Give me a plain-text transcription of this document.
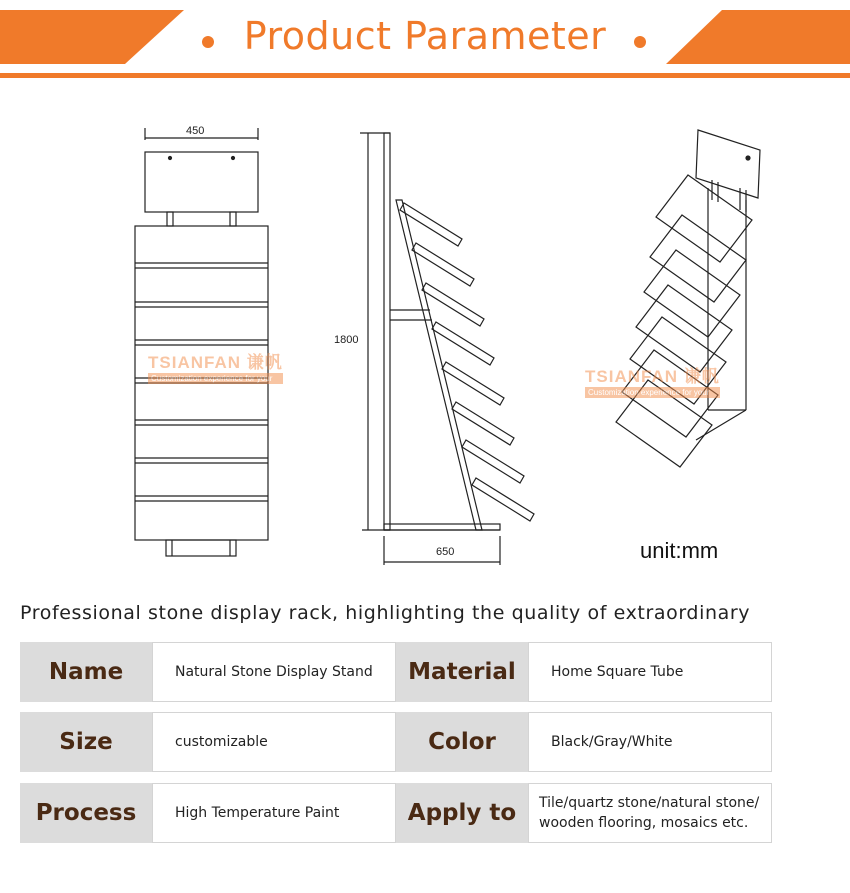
Product Parameter
450
1800
650
TSIANFAN 谦帆
Customization experience for your	TSIANFAN 谦帆
Customization experience for your
unit:mm
Professional stone display rack, highlighting the quality of extraordinary
Name	Natural Stone Display Stand	Material	Home Square Tube
Size	customizable	Color	Black/Gray/White
Process	High Temperature Paint	Apply to	Tile/quartz stone/natural stone/
wooden flooring, mosaics etc.
